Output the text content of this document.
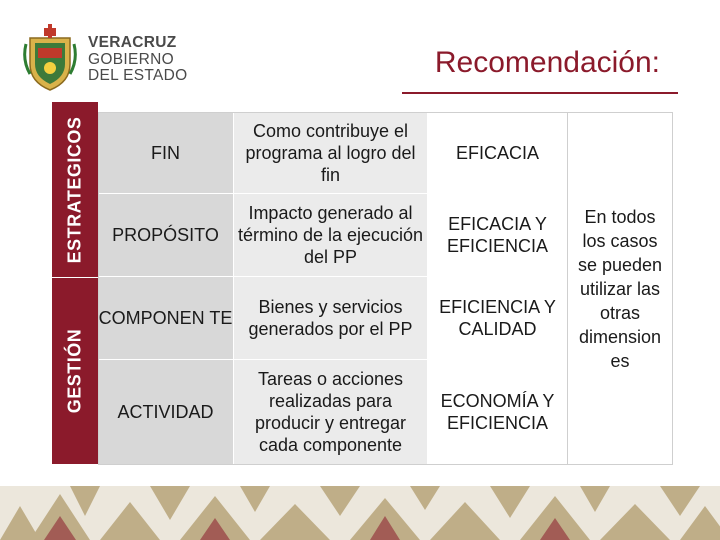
VERACRUZ
GOBIERNO
DEL ESTADO	Recomendación:
ESTRATEGICOS
GESTIÓN
FIN
Como contribuye el programa al logro del fin
EFICACIA
PROPÓSITO
Impacto generado al término de la ejecución del PP
EFICACIA Y EFICIENCIA
COMPONEN TE
Bienes y servicios generados por el PP
EFICIENCIA Y CALIDAD
ACTIVIDAD
Tareas o acciones realizadas para producir y entregar cada componente
ECONOMÍA Y EFICIENCIA
En todos los casos se pueden utilizar las otras dimension es
